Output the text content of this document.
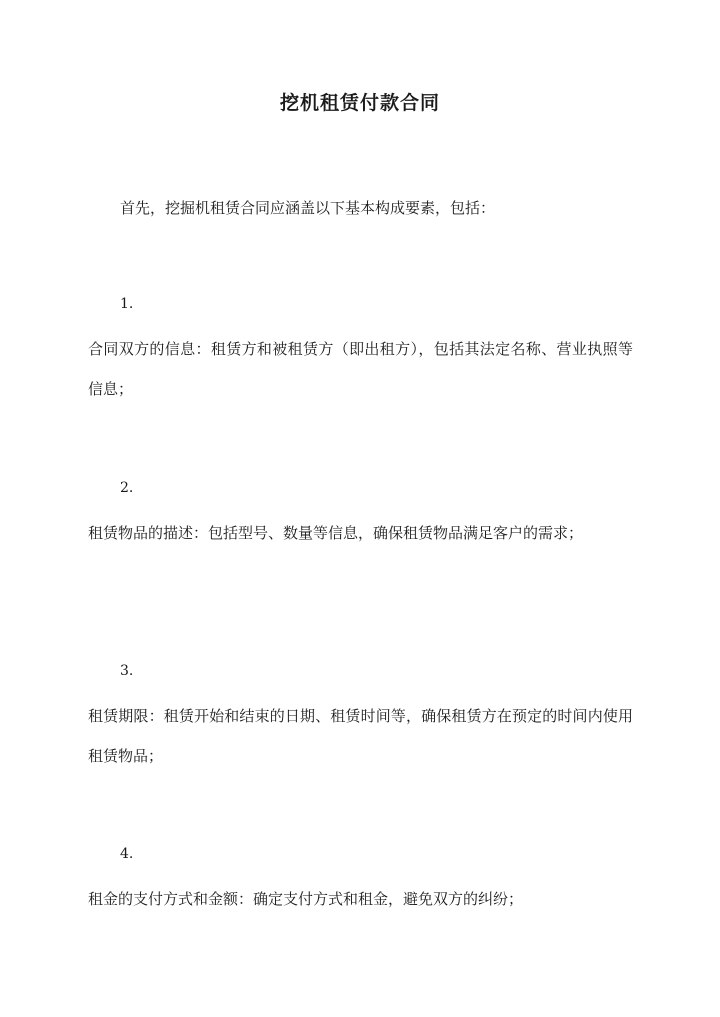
挖机租赁付款合同
首先，挖掘机租赁合同应涵盖以下基本构成要素，包括：
1.
合同双方的信息：租赁方和被租赁方（即出租方），包括其法定名称、营业执照等信息；
2.
租赁物品的描述：包括型号、数量等信息，确保租赁物品满足客户的需求；
3.
租赁期限：租赁开始和结束的日期、租赁时间等，确保租赁方在预定的时间内使用租赁物品；
4.
租金的支付方式和金额：确定支付方式和租金，避免双方的纠纷；
